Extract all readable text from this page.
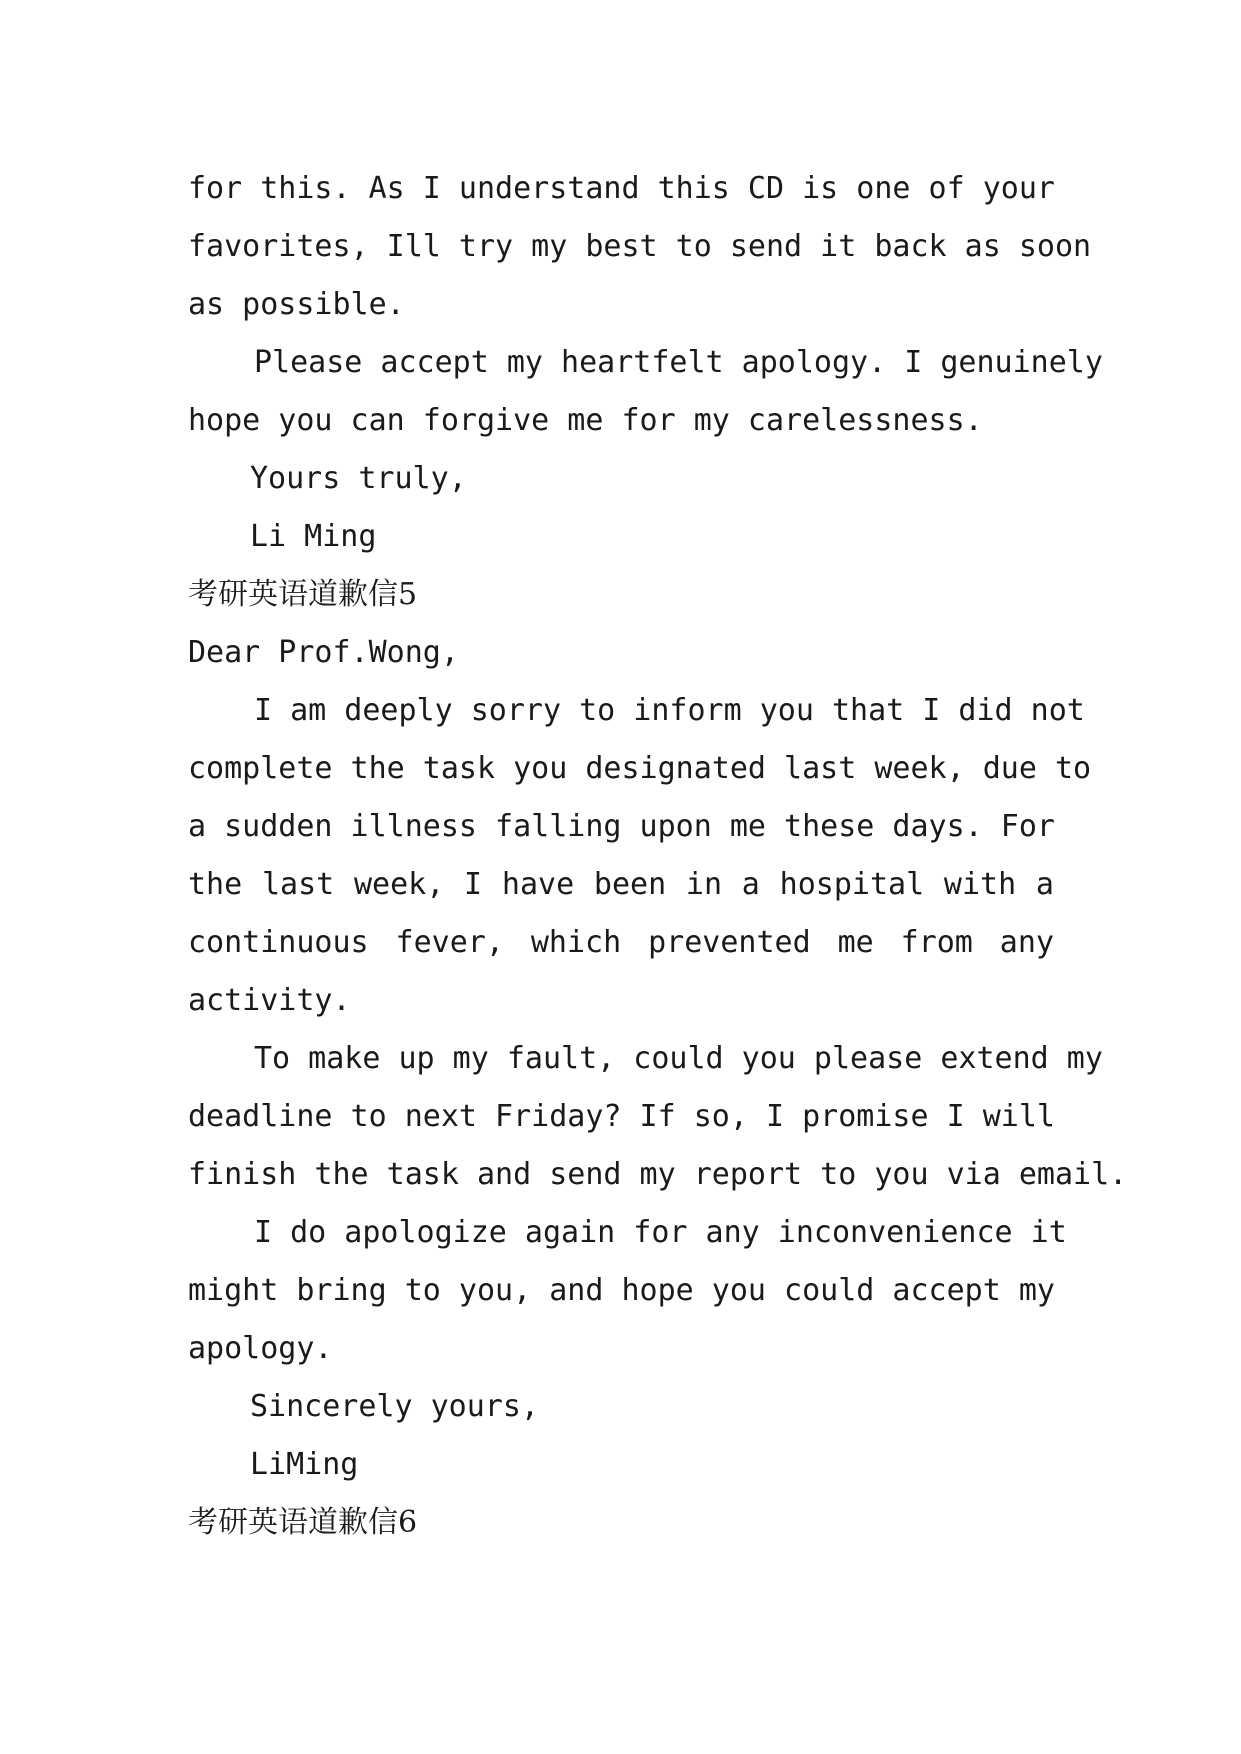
for this. As I understand this CD is one of your
favorites, Ill try my best to send it back as soon
as possible.
Please accept my heartfelt apology. I genuinely
hope you can forgive me for my carelessness.
Yours truly,
Li Ming
考研英语道歉信5
Dear Prof.Wong,
I am deeply sorry to inform you that I did not
complete the task you designated last week, due to
a sudden illness falling upon me these days. For
the last week, I have been in a hospital with a
continuous fever, which prevented me from any
activity.
To make up my fault, could you please extend my
deadline to next Friday? If so, I promise I will
finish the task and send my report to you via email.
I do apologize again for any inconvenience it
might bring to you, and hope you could accept my
apology.
Sincerely yours,
LiMing
考研英语道歉信6
